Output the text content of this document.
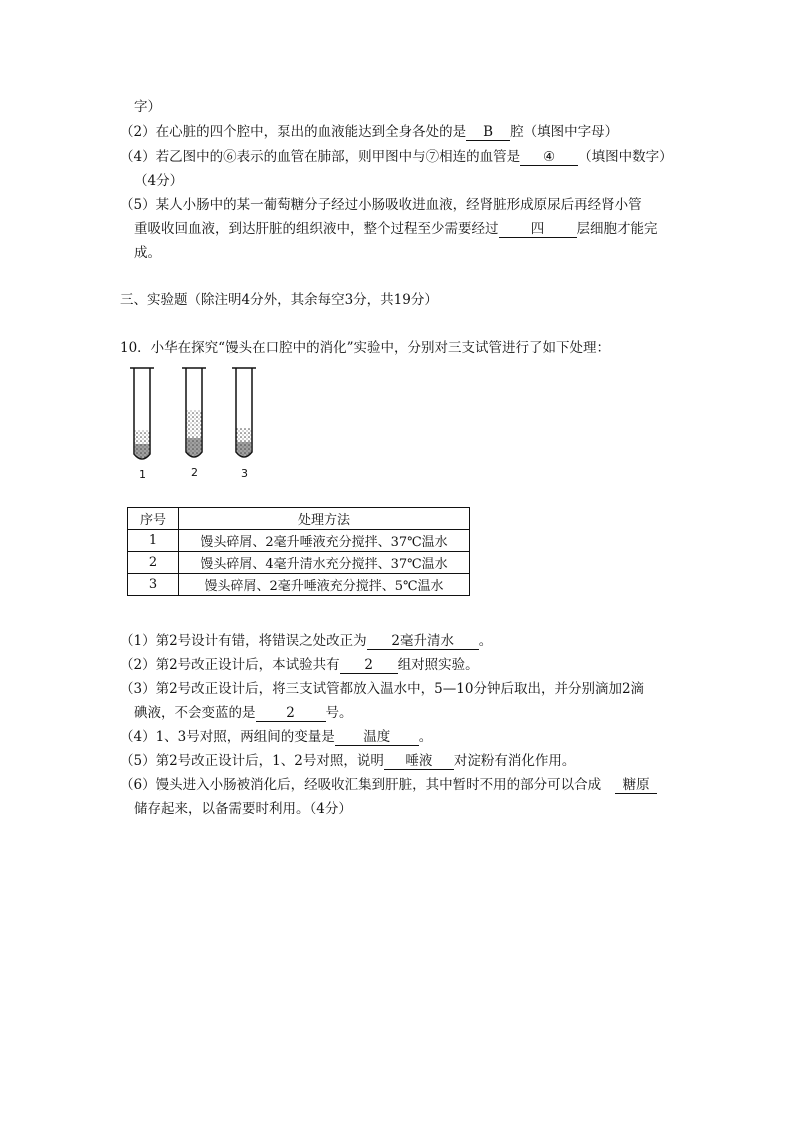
字）
（2）在心脏的四个腔中，泵出的血液能达到全身各处的是 B 腔（填图中字母）
（4）若乙图中的⑥表示的血管在肺部，则甲图中与⑦相连的血管是 ④ （填图中数字）
（4分）
（5）某人小肠中的某一葡萄糖分子经过小肠吸收进血液，经肾脏形成原尿后再经肾小管
重吸收回血液，到达肝脏的组织液中，整个过程至少需要经过 四 层细胞才能完
成。
三、实验题（除注明4分外，其余每空3分，共19分）
10．小华在探究“馒头在口腔中的消化”实验中，分别对三支试管进行了如下处理：
1	2	3
序号	处理方法
1	馒头碎屑、2毫升唾液充分搅拌、37℃温水
2	馒头碎屑、4毫升清水充分搅拌、37℃温水
3	馒头碎屑、2毫升唾液充分搅拌、5℃温水
（1）第2号设计有错，将错误之处改正为 2毫升清水 。
（2）第2号改正设计后，本试验共有 2 组对照实验。
（3）第2号改正设计后，将三支试管都放入温水中，5—10分钟后取出，并分别滴加2滴
碘液，不会变蓝的是 2 号。
（4）1、3号对照，两组间的变量是 温度 。
（5）第2号改正设计后，1、2号对照，说明 唾液 对淀粉有消化作用。
（6）馒头进入小肠被消化后，经吸收汇集到肝脏，其中暂时不用的部分可以合成 糖原
储存起来，以备需要时利用。（4分）
